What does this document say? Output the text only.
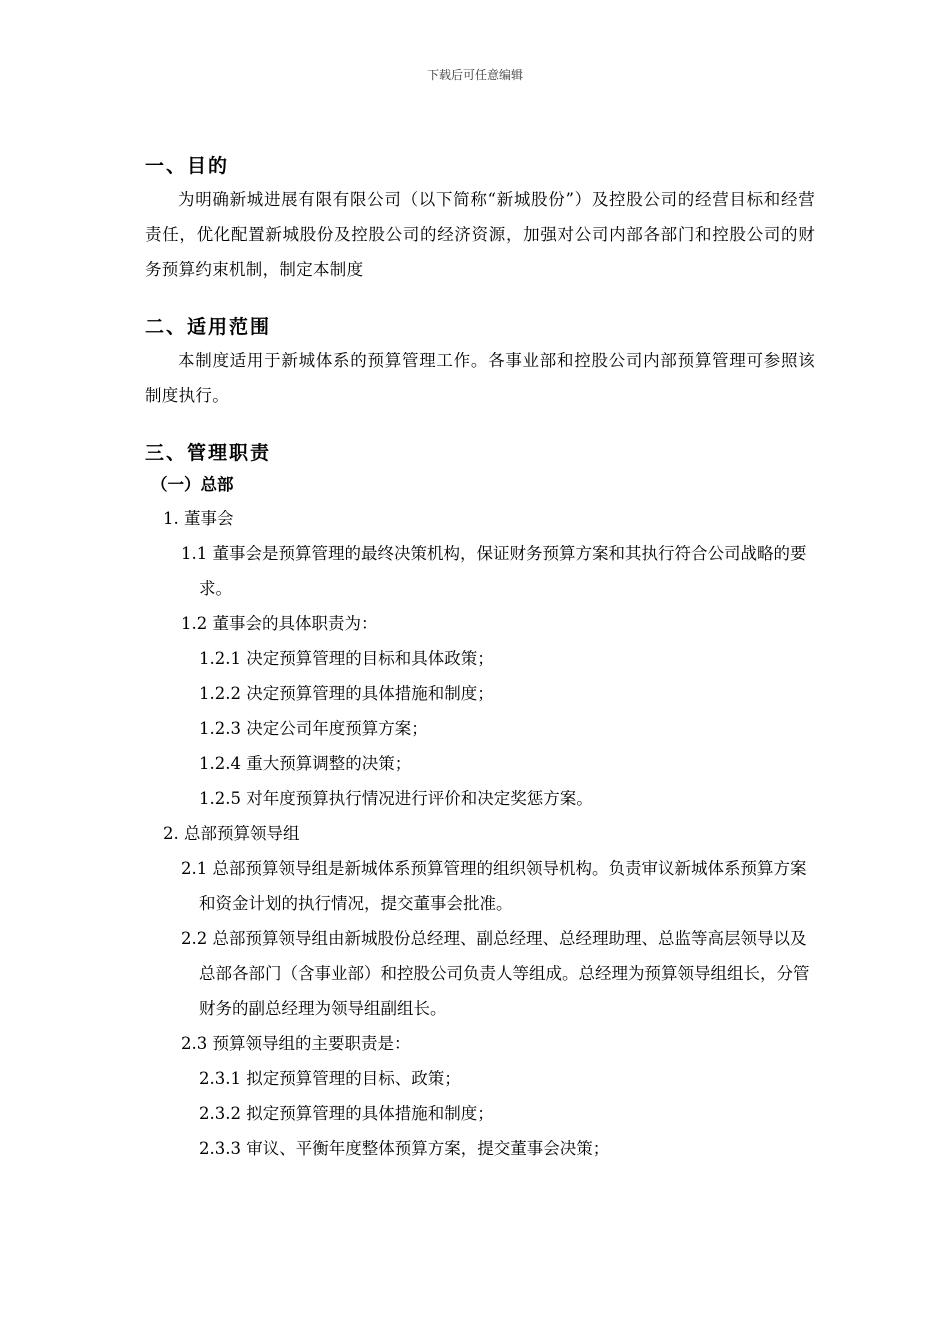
下载后可任意编辑
一、目的

为明确新城进展有限有限公司（以下简称“新城股份”）及控股公司的经营目标和经营责任，优化配置新城股份及控股公司的经济资源，加强对公司内部各部门和控股公司的财务预算约束机制，制定本制度

二、适用范围

本制度适用于新城体系的预算管理工作。各事业部和控股公司内部预算管理可参照该制度执行。

三、管理职责

（一）总部

1. 董事会

1.1 董事会是预算管理的最终决策机构，保证财务预算方案和其执行符合公司战略的要求。

1.2 董事会的具体职责为：

1.2.1 决定预算管理的目标和具体政策；

1.2.2 决定预算管理的具体措施和制度；

1.2.3 决定公司年度预算方案；

1.2.4 重大预算调整的决策；

1.2.5 对年度预算执行情况进行评价和决定奖惩方案。

2. 总部预算领导组

2.1 总部预算领导组是新城体系预算管理的组织领导机构。负责审议新城体系预算方案和资金计划的执行情况，提交董事会批准。

2.2 总部预算领导组由新城股份总经理、副总经理、总经理助理、总监等高层领导以及总部各部门（含事业部）和控股公司负责人等组成。总经理为预算领导组组长，分管财务的副总经理为领导组副组长。

2.3 预算领导组的主要职责是：

2.3.1 拟定预算管理的目标、政策；

2.3.2 拟定预算管理的具体措施和制度；

2.3.3 审议、平衡年度整体预算方案，提交董事会决策；
